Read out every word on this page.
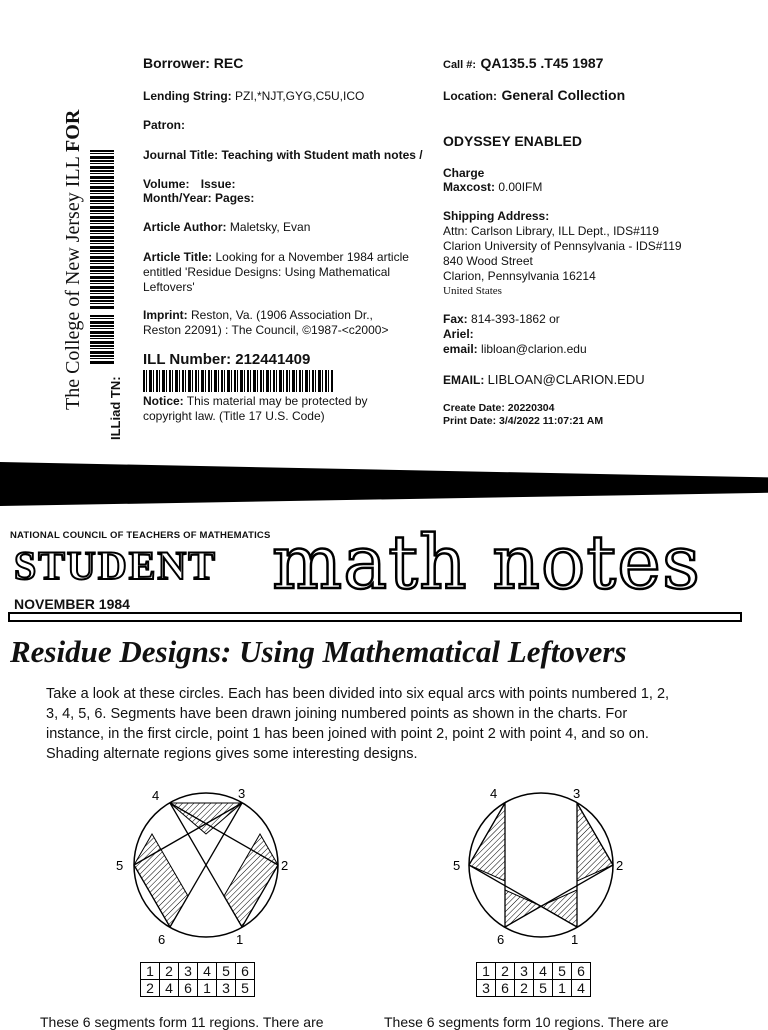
The College of New Jersey ILL FOR
ILLiad TN:
Borrower: REC
Lending String: PZI,*NJT,GYG,C5U,ICO
Patron:
Journal Title: Teaching with Student math notes /
Volume: Issue:
Month/Year: Pages:
Article Author: Maletsky, Evan
Article Title: Looking for a November 1984 article
entitled 'Residue Designs: Using Mathematical
Leftovers'
Imprint: Reston, Va. (1906 Association Dr.,
Reston 22091) : The Council, ©1987-<c2000>
ILL Number: 212441409
Notice: This material may be protected by
copyright law. (Title 17 U.S. Code)
Call #: QA135.5 .T45 1987
Location: General Collection
ODYSSEY ENABLED
Charge
Maxcost: 0.00IFM
Shipping Address:
Attn: Carlson Library, ILL Dept., IDS#119
Clarion University of Pennsylvania - IDS#119
840 Wood Street
Clarion, Pennsylvania 16214
United States
Fax: 814-393-1862 or
Ariel:
email: libloan@clarion.edu
EMAIL: LIBLOAN@CLARION.EDU
Create Date: 20220304
Print Date: 3/4/2022 11:07:21 AM
NATIONAL COUNCIL OF TEACHERS OF MATHEMATICS
STUDENT math notes
NOVEMBER 1984
Residue Designs: Using Mathematical Leftovers
Take a look at these circles. Each has been divided into six equal arcs with points numbered 1, 2,
3, 4, 5, 6. Segments have been drawn joining numbered points as shown in the charts. For
instance, in the first circle, point 1 has been joined with point 2, point 2 with point 4, and so on.
Shading alternate regions gives some interesting designs.
1
2
3
4
5
6
1	2	3	4	5	6
2	4	6	1	3	5
1
2
3
4
5
6
1	2	3	4	5	6
3	6	2	5	1	4
These 6 segments form 11 regions. There are	These 6 segments form 10 regions. There are
